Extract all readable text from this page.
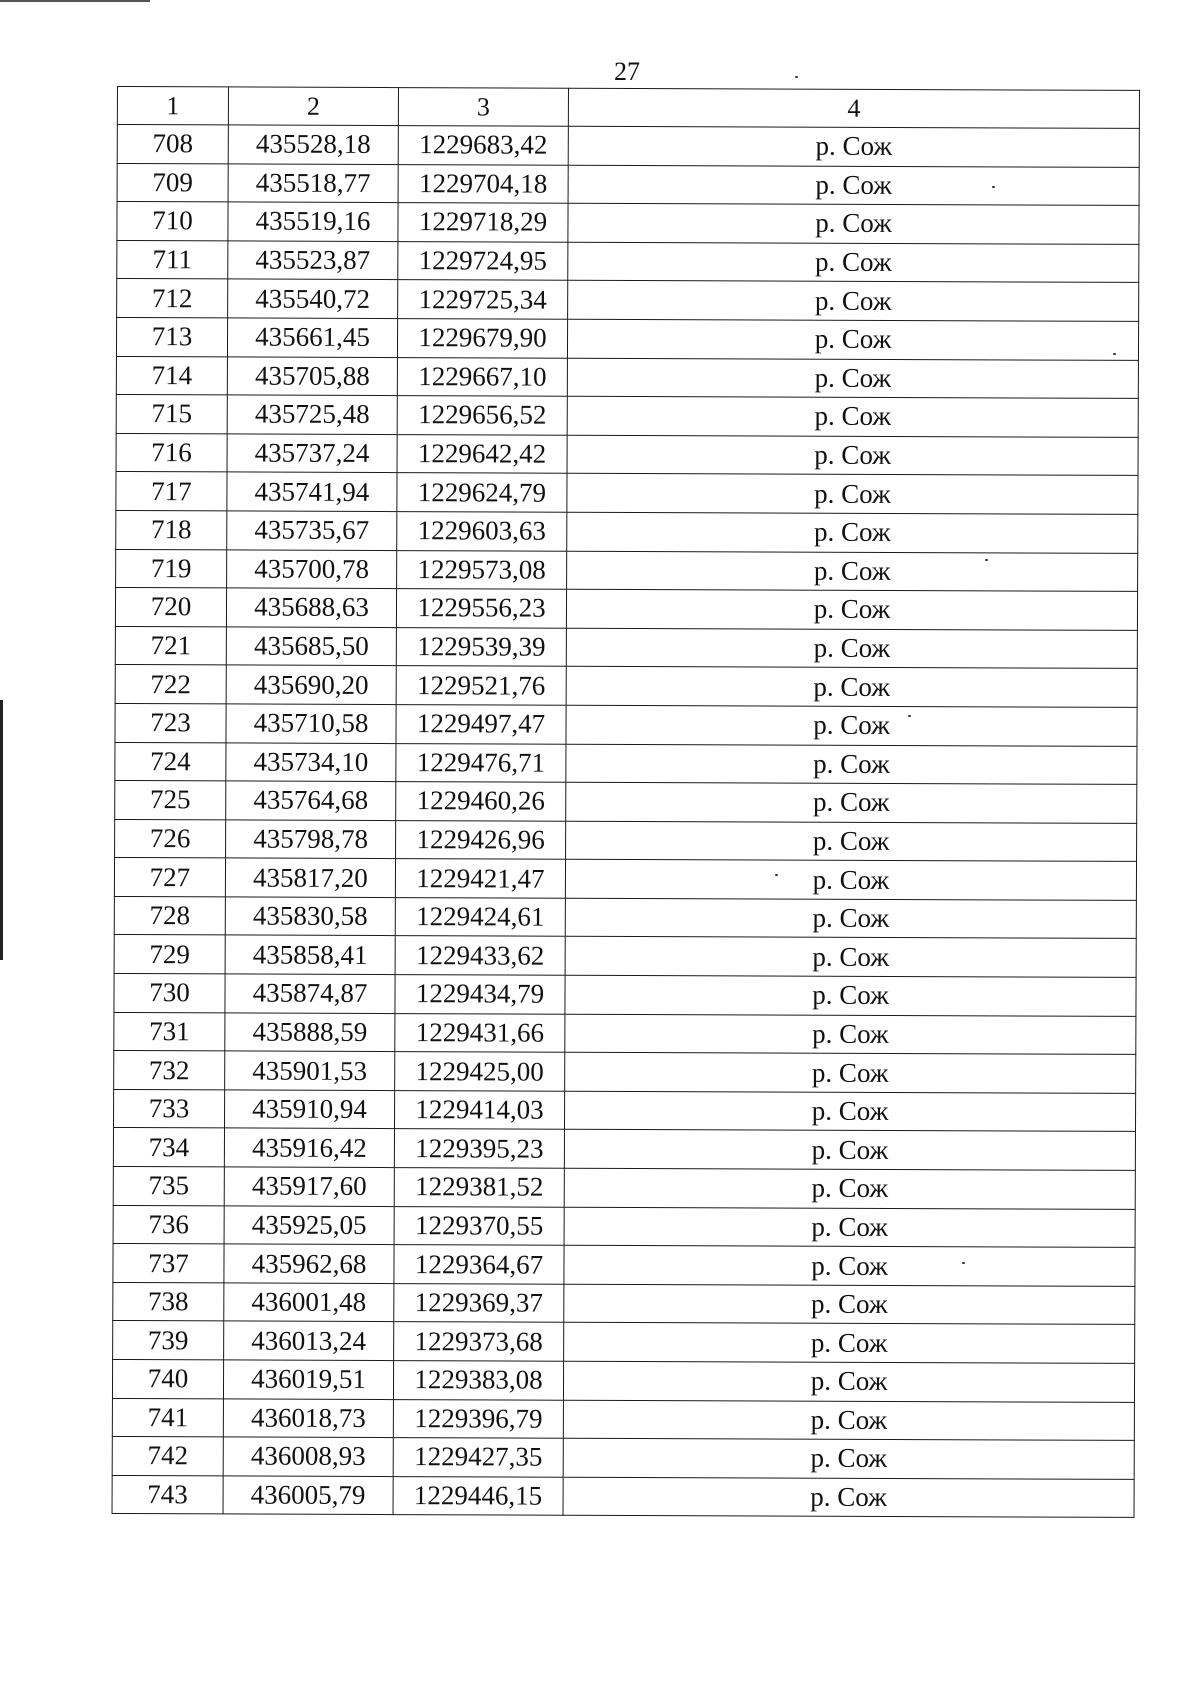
27
1	2	3	4
708	435528,18	1229683,42	р. Сож
709	435518,77	1229704,18	р. Сож
710	435519,16	1229718,29	р. Сож
711	435523,87	1229724,95	р. Сож
712	435540,72	1229725,34	р. Сож
713	435661,45	1229679,90	р. Сож
714	435705,88	1229667,10	р. Сож
715	435725,48	1229656,52	р. Сож
716	435737,24	1229642,42	р. Сож
717	435741,94	1229624,79	р. Сож
718	435735,67	1229603,63	р. Сож
719	435700,78	1229573,08	р. Сож
720	435688,63	1229556,23	р. Сож
721	435685,50	1229539,39	р. Сож
722	435690,20	1229521,76	р. Сож
723	435710,58	1229497,47	р. Сож
724	435734,10	1229476,71	р. Сож
725	435764,68	1229460,26	р. Сож
726	435798,78	1229426,96	р. Сож
727	435817,20	1229421,47	р. Сож
728	435830,58	1229424,61	р. Сож
729	435858,41	1229433,62	р. Сож
730	435874,87	1229434,79	р. Сож
731	435888,59	1229431,66	р. Сож
732	435901,53	1229425,00	р. Сож
733	435910,94	1229414,03	р. Сож
734	435916,42	1229395,23	р. Сож
735	435917,60	1229381,52	р. Сож
736	435925,05	1229370,55	р. Сож
737	435962,68	1229364,67	р. Сож
738	436001,48	1229369,37	р. Сож
739	436013,24	1229373,68	р. Сож
740	436019,51	1229383,08	р. Сож
741	436018,73	1229396,79	р. Сож
742	436008,93	1229427,35	р. Сож
743	436005,79	1229446,15	р. Сож
